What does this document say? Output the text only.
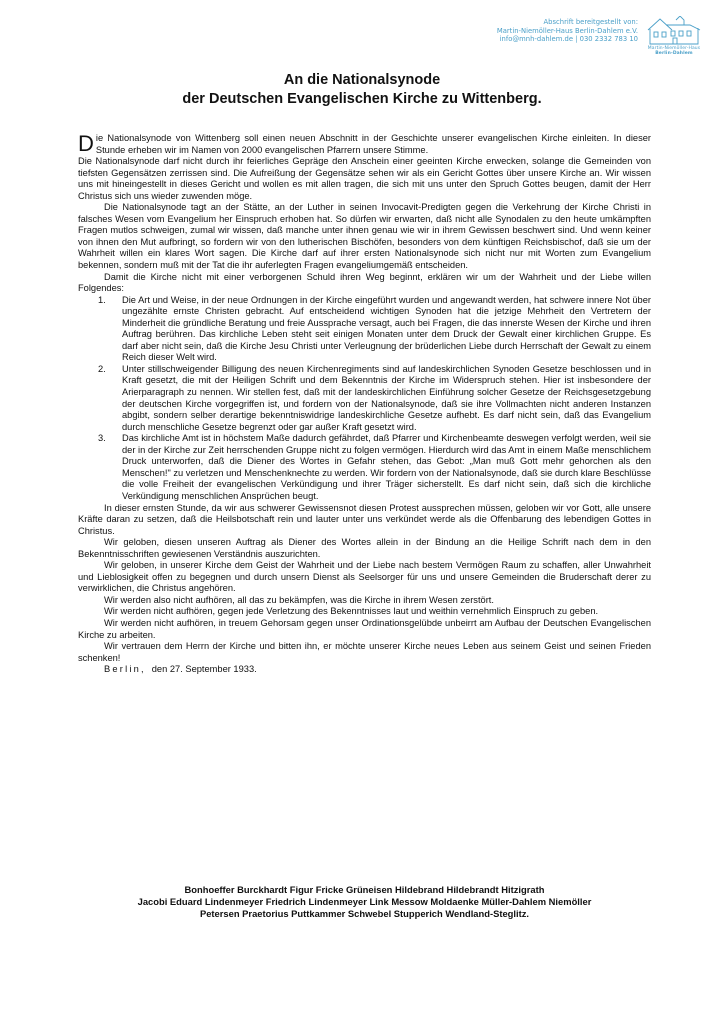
Abschrift bereitgestellt von:
Martin-Niemöller-Haus Berlin-Dahlem e.V.
info@mnh-dahlem.de | 030 2332 783 10
Martin-Niemöller-Haus
Berlin-Dahlem
An die Nationalsynode
der Deutschen Evangelischen Kirche zu Wittenberg.

Die Nationalsynode von Wittenberg soll einen neuen Abschnitt in der Geschichte unserer evangelischen Kirche einleiten. In dieser Stunde erheben wir im Namen von 2000 evangelischen Pfarrern unsere Stimme.

Die Nationalsynode darf nicht durch ihr feierliches Gepräge den Anschein einer geeinten Kirche erwecken, solange die Gemeinden von tiefsten Gegensätzen zerrissen sind. Die Aufreißung der Gegensätze sehen wir als ein Gericht Gottes über unsere Kirche an. Wir wissen uns mit hineingestellt in dieses Gericht und wollen es mit allen tragen, die sich mit uns unter den Spruch Gottes beugen, damit der Herr Christus sich uns wieder zuwenden möge.

Die Nationalsynode tagt an der Stätte, an der Luther in seinen Invocavit-Predigten gegen die Verkehrung der Kirche Christi in falsches Wesen vom Evangelium her Einspruch erhoben hat. So dürfen wir erwarten, daß nicht alle Synodalen zu den heute umkämpften Fragen mutlos schweigen, zumal wir wissen, daß manche unter ihnen genau wie wir in ihrem Gewissen beschwert sind. Und wenn keiner von ihnen den Mut aufbringt, so fordern wir von den lutherischen Bischöfen, besonders von dem künftigen Reichsbischof, daß sie um der Wahrheit willen ein klares Wort sagen. Die Kirche darf auf ihrer ersten Nationalsynode sich nicht nur mit Worten zum Evangelium bekennen, sondern muß mit der Tat die ihr auferlegten Fragen evangeliumgemäß entscheiden.

Damit die Kirche nicht mit einer verborgenen Schuld ihren Weg beginnt, erklären wir um der Wahrheit und der Liebe willen Folgendes:

1. Die Art und Weise, in der neue Ordnungen in der Kirche eingeführt wurden und angewandt werden, hat schwere innere Not über ungezählte ernste Christen gebracht. Auf entscheidend wichtigen Synoden hat die jetzige Mehrheit den Vertretern der Minderheit die gründliche Beratung und freie Aussprache versagt, auch bei Fragen, die das innerste Wesen der Kirche und ihren Auftrag berühren. Das kirchliche Leben steht seit einigen Monaten unter dem Druck der Gewalt einer kirchlichen Gruppe. Es darf aber nicht sein, daß die Kirche Jesu Christi unter Verleugnung der brüderlichen Liebe durch Herrschaft der Gewalt zu einem Reich dieser Welt wird.
2. Unter stillschweigender Billigung des neuen Kirchenregiments sind auf landeskirchlichen Synoden Gesetze beschlossen und in Kraft gesetzt, die mit der Heiligen Schrift und dem Bekenntnis der Kirche im Widerspruch stehen. Hier ist insbesondere der Arierparagraph zu nennen. Wir stellen fest, daß mit der landeskirchlichen Einführung solcher Gesetze der Reichsgesetzgebung der deutschen Kirche vorgegriffen ist, und fordern von der Nationalsynode, daß sie ihre Vollmachten nicht anderen Instanzen abgibt, sondern selber derartige bekenntniswidrige landeskirchliche Gesetze aufhebt. Es darf nicht sein, daß das Evangelium durch menschliche Gesetze begrenzt oder gar außer Kraft gesetzt wird.
3. Das kirchliche Amt ist in höchstem Maße dadurch gefährdet, daß Pfarrer und Kirchenbeamte deswegen verfolgt werden, weil sie der in der Kirche zur Zeit herrschenden Gruppe nicht zu folgen vermögen. Hierdurch wird das Amt in einem Maße menschlichem Druck unterworfen, daß die Diener des Wortes in Gefahr stehen, das Gebot: „Man muß Gott mehr gehorchen als den Menschen!" zu verletzen und Menschenknechte zu werden. Wir fordern von der Nationalsynode, daß sie durch klare Beschlüsse die volle Freiheit der evangelischen Verkündigung und ihrer Träger sicherstellt. Es darf nicht sein, daß sich die kirchliche Verkündigung menschlichen Ansprüchen beugt.

In dieser ernsten Stunde, da wir aus schwerer Gewissensnot diesen Protest aussprechen müssen, geloben wir vor Gott, alle unsere Kräfte daran zu setzen, daß die Heilsbotschaft rein und lauter unter uns verkündet werde als die Offenbarung des lebendigen Gottes in Christus.

Wir geloben, diesen unseren Auftrag als Diener des Wortes allein in der Bindung an die Heilige Schrift nach dem in den Bekenntnisschriften gewiesenen Verständnis auszurichten.

Wir geloben, in unserer Kirche dem Geist der Wahrheit und der Liebe nach bestem Vermögen Raum zu schaffen, aller Unwahrheit und Lieblosigkeit offen zu begegnen und durch unsern Dienst als Seelsorger für uns und unsere Gemeinden die Bruderschaft derer zu verwirklichen, die Christus angehören.

Wir werden also nicht aufhören, all das zu bekämpfen, was die Kirche in ihrem Wesen zerstört.

Wir werden nicht aufhören, gegen jede Verletzung des Bekenntnisses laut und weithin vernehmlich Einspruch zu geben.

Wir werden nicht aufhören, in treuem Gehorsam gegen unser Ordinationsgelübde unbeirrt am Aufbau der Deutschen Evangelischen Kirche zu arbeiten.

Wir vertrauen dem Herrn der Kirche und bitten ihn, er möchte unserer Kirche neues Leben aus seinem Geist und seinen Frieden schenken!

Berlin, den 27. September 1933.

Bonhoeffer Burckhardt Figur Fricke Grüneisen Hildebrand Hildebrandt Hitzigrath
Jacobi Eduard Lindenmeyer Friedrich Lindenmeyer Link Messow Moldaenke Müller-Dahlem Niemöller
Petersen Praetorius Puttkammer Schwebel Stupperich Wendland-Steglitz.
